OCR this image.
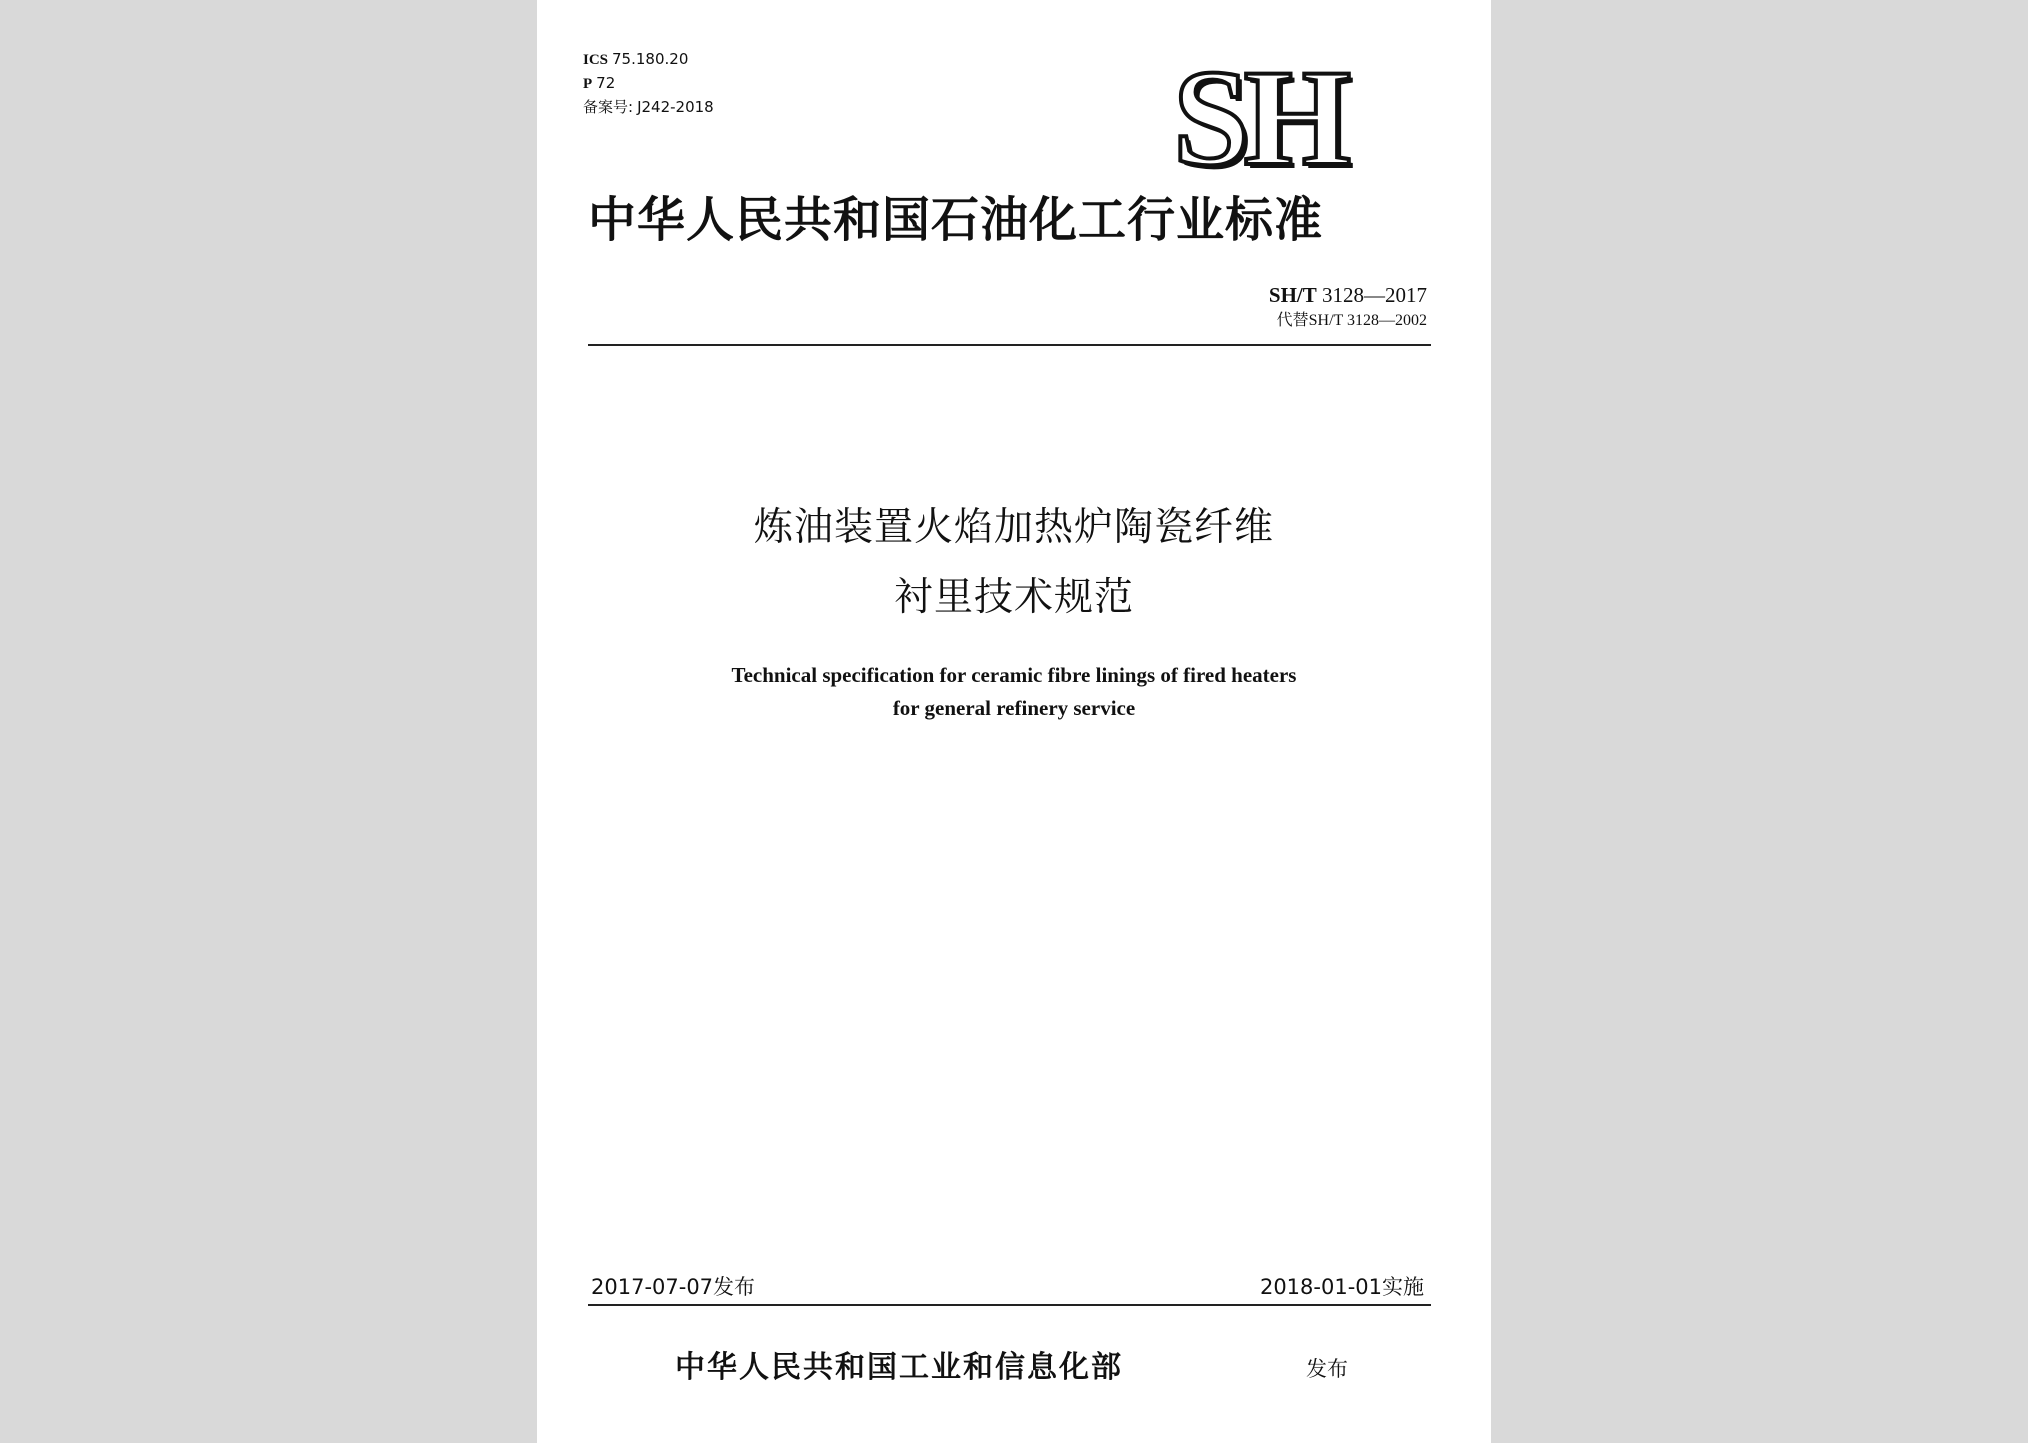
ICS 75.180.20
P 72
备案号: J242-2018	SH
中华人民共和国石油化工行业标准
SH/T 3128—2017
代替SH/T 3128—2002
炼油装置火焰加热炉陶瓷纤维
衬里技术规范
Technical specification for ceramic fibre linings of fired heaters
for general refinery service
2017-07-07发布	2018-01-01实施
中华人民共和国工业和信息化部	发布
